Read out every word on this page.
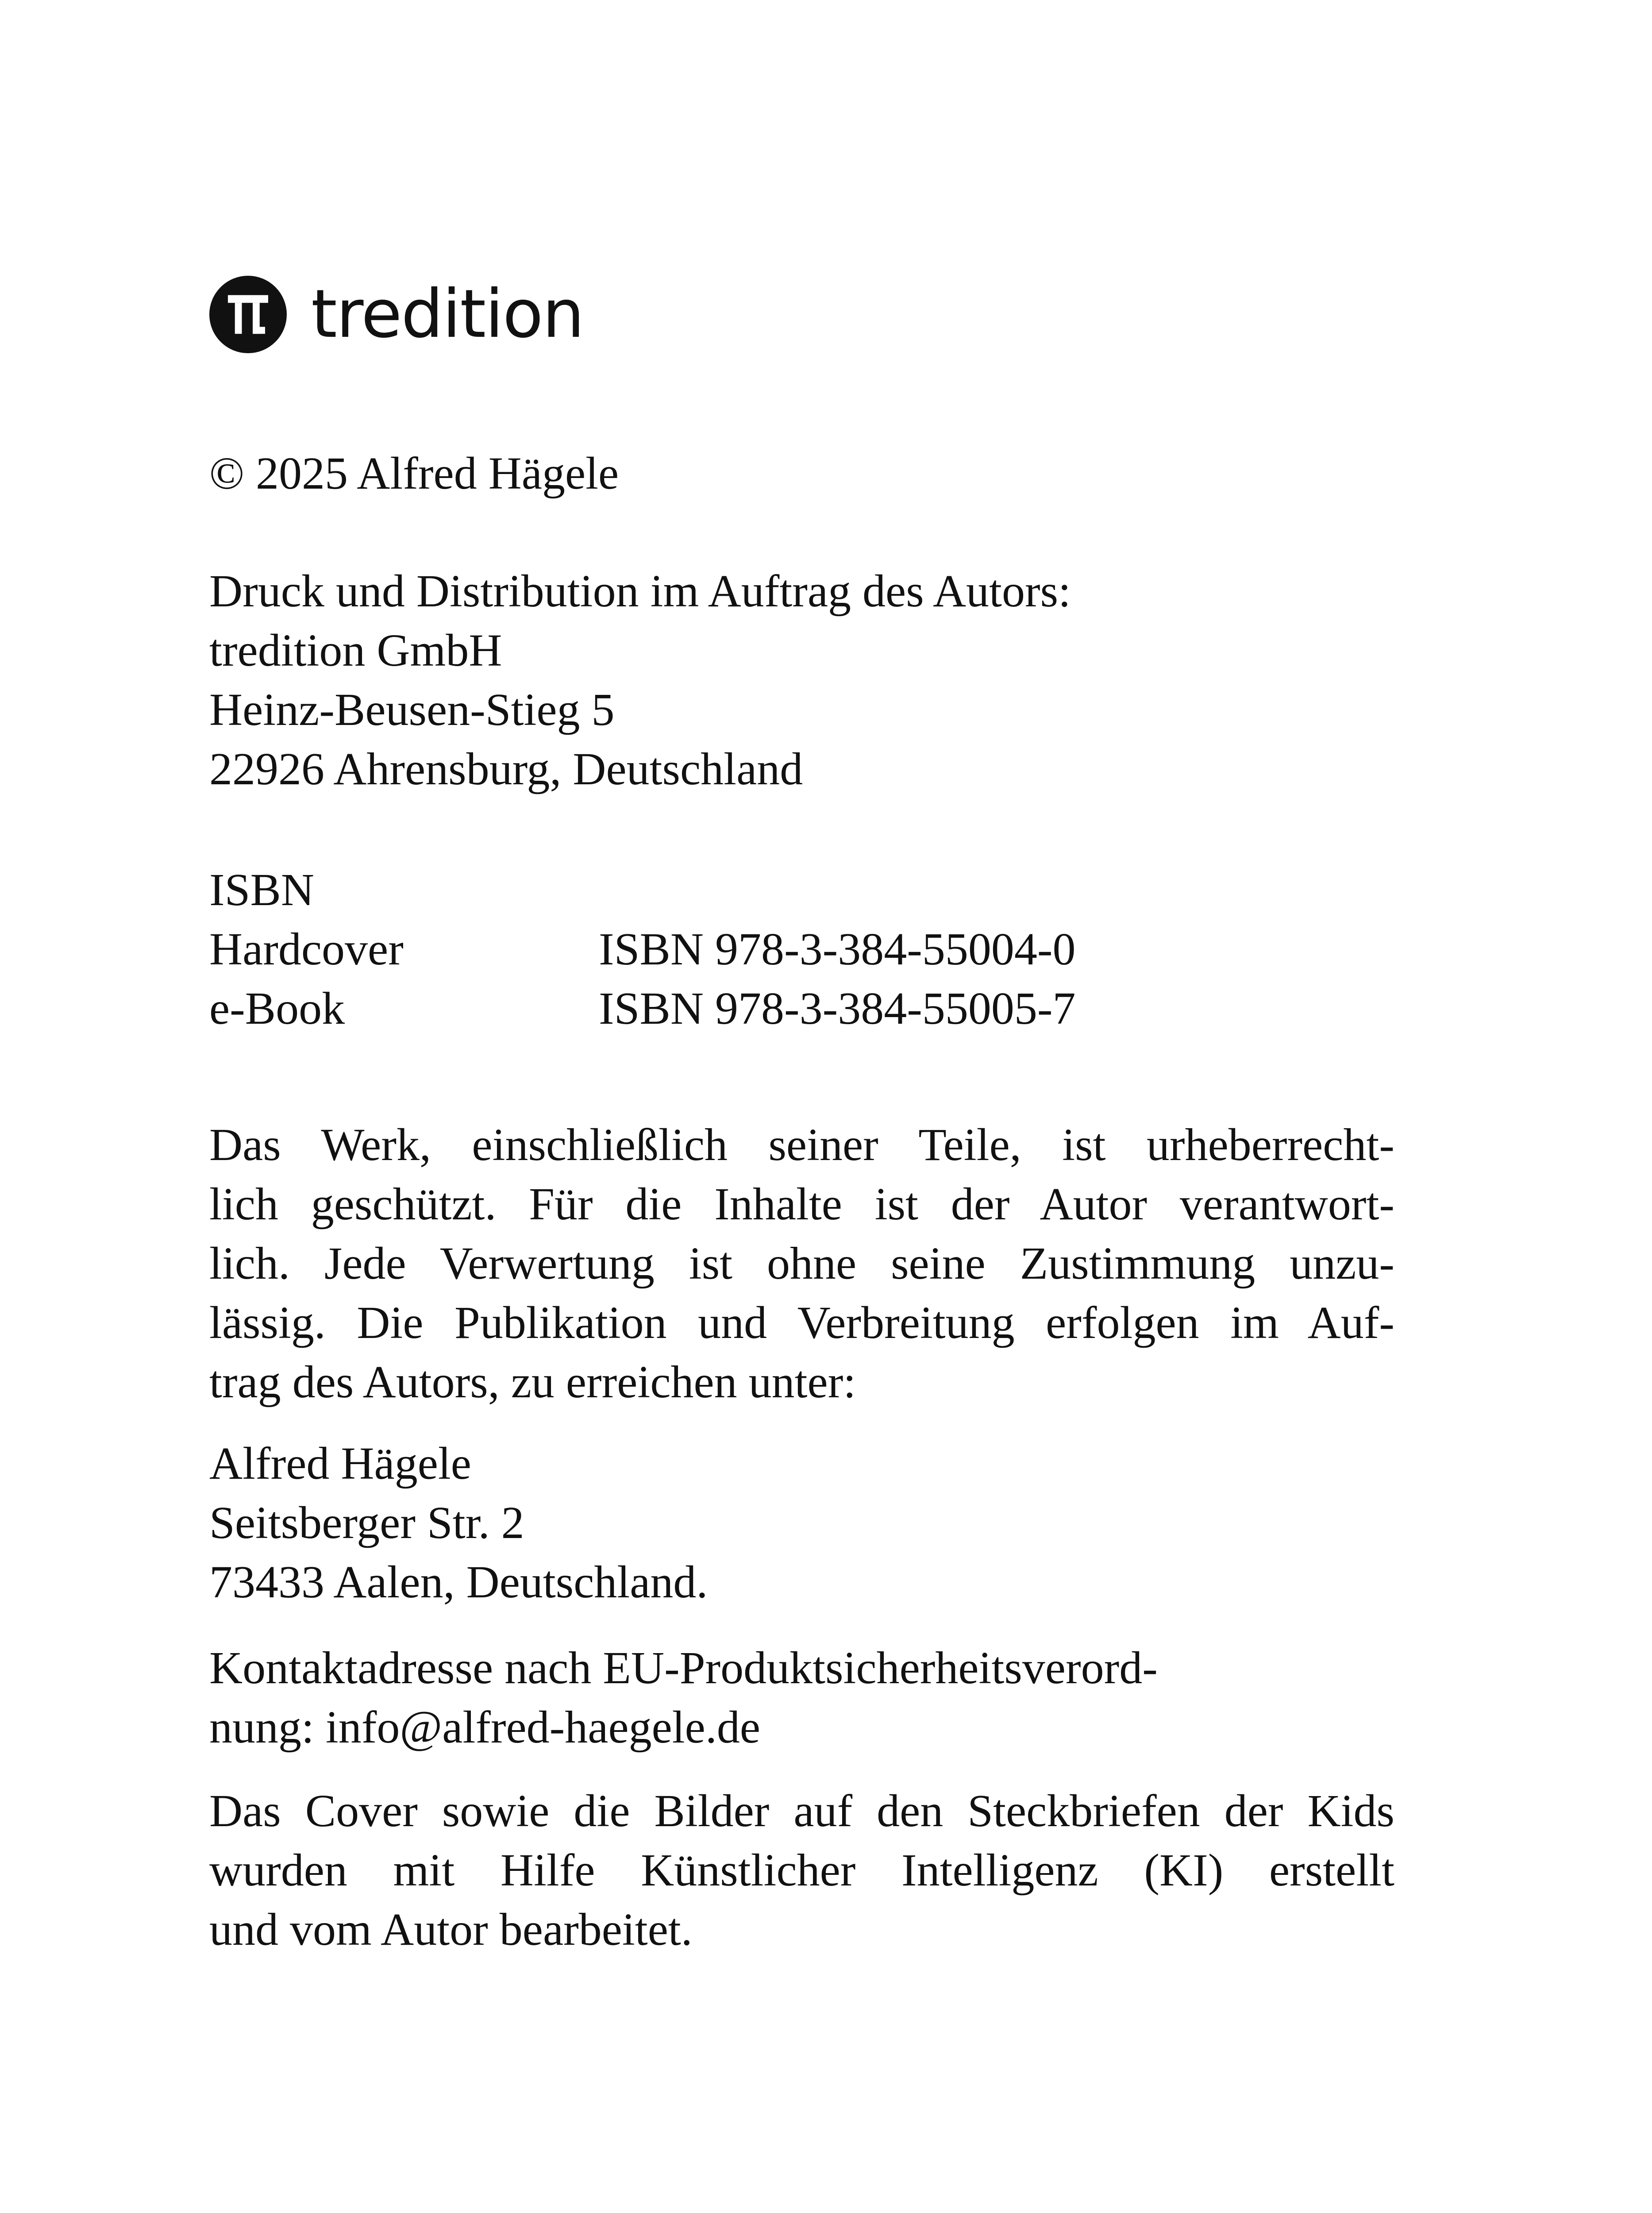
tredition
© 2025 Alfred Hägele
Druck und Distribution im Auftrag des Autors:
tredition GmbH
Heinz-Beusen-Stieg 5
22926 Ahrensburg, Deutschland
ISBN
Hardcover	ISBN 978-3-384-55004-0
e-Book	ISBN 978-3-384-55005-7
Das Werk, einschließlich seiner Teile, ist urheberrecht-
lich geschützt. Für die Inhalte ist der Autor verantwort-
lich. Jede Verwertung ist ohne seine Zustimmung unzu-
lässig. Die Publikation und Verbreitung erfolgen im Auf-
trag des Autors, zu erreichen unter:
Alfred Hägele
Seitsberger Str. 2
73433 Aalen, Deutschland.
Kontaktadresse nach EU-Produktsicherheitsverord-
nung: info@alfred-haegele.de
Das Cover sowie die Bilder auf den Steckbriefen der Kids
wurden mit Hilfe Künstlicher Intelligenz (KI) erstellt
und vom Autor bearbeitet.
